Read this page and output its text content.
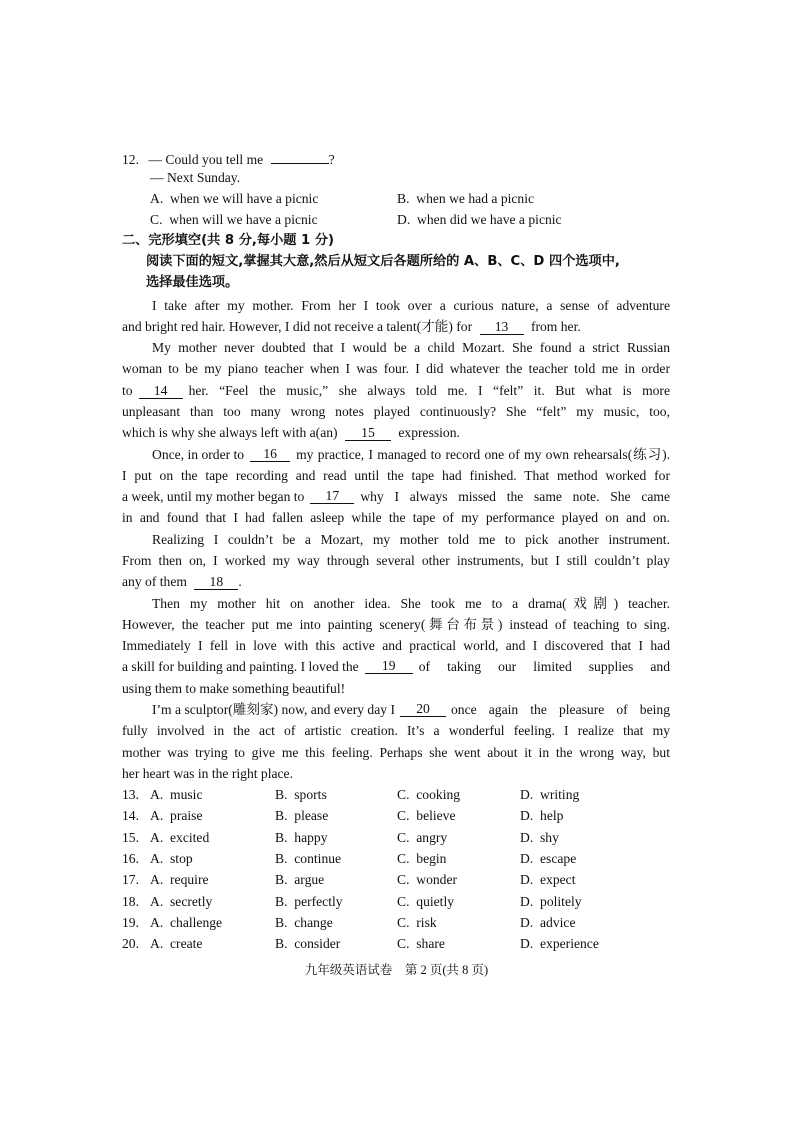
12. — Could you tell me	?
— Next Sunday.
A. when we will have a picnic	B. when we had a picnic
C. when will we have a picnic	D. when did we have a picnic
二、完形填空(共 8 分,每小题 1 分)
阅读下面的短文,掌握其大意,然后从短文后各题所给的 A、B、C、D 四个选项中,
选择最佳选项。
I take after my mother. From her I took over a curious nature, a sense of adventure
and bright red hair. However, I did not receive a talent(才能) for 13 from her.
My mother never doubted that I would be a child Mozart. She found a strict Russian
woman to be my piano teacher when I was four. I did whatever the teacher told me in order
to 14	her. “Feel the music,” she always told me. I “felt” it. But what is more
unpleasant than too many wrong notes played continuously? She “felt” my music, too,
which is why she always left with a(an) 15 expression.
Once, in order to	16	my practice, I managed to record one of my own rehearsals(练习).
I put on the tape recording and read until the tape had finished. That method worked for
a week, until my mother began to	17	why I always missed the same note. She came
in and found that I had fallen asleep while the tape of my performance played on and on.
Realizing I couldn’t be a Mozart, my mother told me to pick another instrument.
From then on, I worked my way through several other instruments, but I still couldn’t play
any of them 18 .
Then my mother hit on another idea. She took me to a drama(戏剧) teacher.
However, the teacher put me into painting scenery(舞台布景) instead of teaching to sing.
Immediately I fell in love with this active and practical world, and I discovered that I had
a skill for building and painting. I loved the	19	of taking our limited supplies and
using them to make something beautiful!
I’m a sculptor(雕刻家) now, and every day I	20	once again the pleasure of being
fully involved in the act of artistic creation. It’s a wonderful feeling. I realize that my
mother was trying to give me this feeling. Perhaps she went about it in the wrong way, but
her heart was in the right place.
13. A. music	B. sports	C. cooking	D. writing
14. A. praise	B. please	C. believe	D. help
15. A. excited	B. happy	C. angry	D. shy
16. A. stop	B. continue	C. begin	D. escape
17. A. require	B. argue	C. wonder	D. expect
18. A. secretly	B. perfectly	C. quietly	D. politely
19. A. challenge	B. change	C. risk	D. advice
20. A. create	B. consider	C. share	D. experience
九年级英语试卷　第 2 页(共 8 页)
